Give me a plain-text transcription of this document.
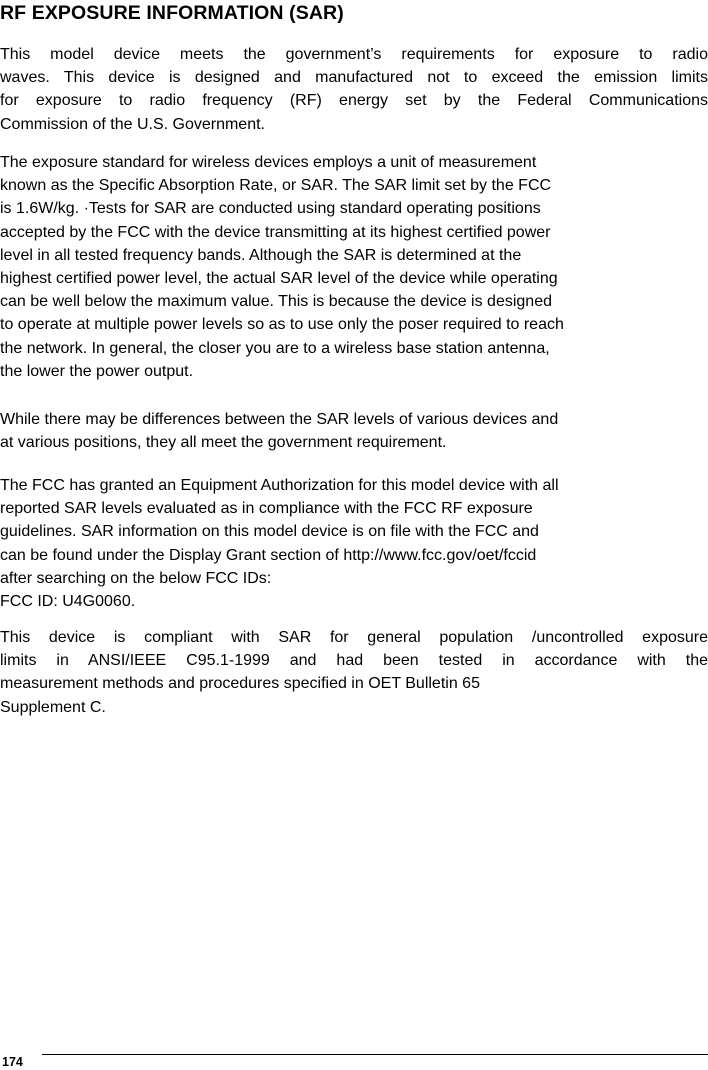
RF EXPOSURE INFORMATION (SAR)

This model device meets the government’s requirements for exposure to radio
waves. This device is designed and manufactured not to exceed the emission limits
for exposure to radio frequency (RF) energy set by the Federal Communications
Commission of the U.S. Government.

The exposure standard for wireless devices employs a unit of measurement
known as the Specific Absorption Rate, or SAR. The SAR limit set by the FCC
is 1.6W/kg. ·Tests for SAR are conducted using standard operating positions
accepted by the FCC with the device transmitting at its highest certified power
level in all tested frequency bands. Although the SAR is determined at the
highest certified power level, the actual SAR level of the device while operating
can be well below the maximum value. This is because the device is designed
to operate at multiple power levels so as to use only the poser required to reach
the network. In general, the closer you are to a wireless base station antenna,
the lower the power output.

While there may be differences between the SAR levels of various devices and
at various positions, they all meet the government requirement.

The FCC has granted an Equipment Authorization for this model device with all
reported SAR levels evaluated as in compliance with the FCC RF exposure
guidelines. SAR information on this model device is on file with the FCC and
can be found under the Display Grant section of http://www.fcc.gov/oet/fccid
after searching on the below FCC IDs:
FCC ID: U4G0060.

This device is compliant with SAR for general population /uncontrolled exposure
limits in ANSI/IEEE C95.1-1999 and had been tested in accordance with the
measurement methods and procedures specified in OET Bulletin 65
Supplement C.

174
